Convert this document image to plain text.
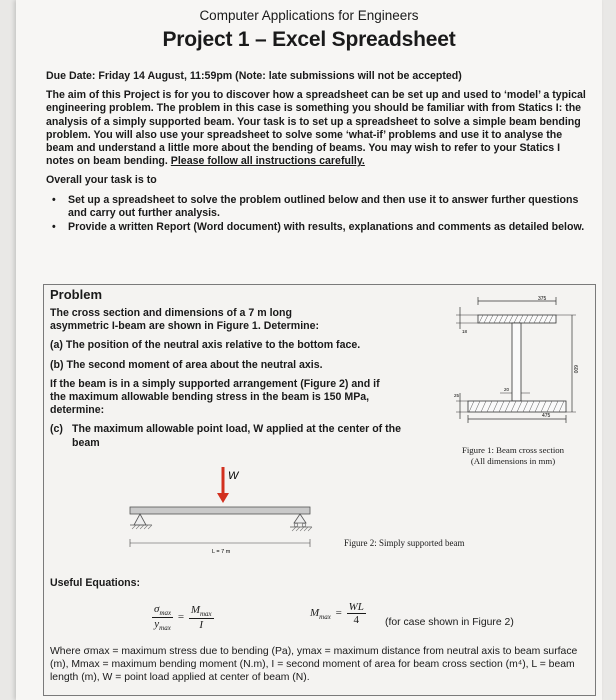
Computer Applications for Engineers
Project 1 – Excel Spreadsheet

Due Date: Friday 14 August, 11:59pm (Note: late submissions will not be accepted)

The aim of this Project is for you to discover how a spreadsheet can be set up and used to ‘model’ a typical engineering problem. The problem in this case is something you should be familiar with from Statics I: the analysis of a simply supported beam. Your task is to set up a spreadsheet to solve a simple beam bending problem. You will also use your spreadsheet to solve some ‘what-if’ problems and use it to analyse the beam and understand a little more about the bending of beams. You may wish to refer to your Statics I notes on beam bending. Please follow all instructions carefully.

Overall your task is to

• Set up a spreadsheet to solve the problem outlined below and then use it to answer further questions and carry out further analysis.
• Provide a written Report (Word document) with results, explanations and comments as detailed below.
Problem
The cross section and dimensions of a 7 m long asymmetric I-beam are shown in Figure 1. Determine:
(a) The position of the neutral axis relative to the bottom face.
(b) The second moment of area about the neutral axis.
If the beam is in a simply supported arrangement (Figure 2) and if the maximum allowable bending stress in the beam is 150 MPa, determine:
(c) The maximum allowable point load, W applied at the center of the beam
375
18
600
20
25
475
Figure 1: Beam cross section
(All dimensions in mm)
W
L = 7 m
Figure 2: Simply supported beam
Useful Equations:
$\frac{\sigma_{max}}{y_{max}} = \frac{M_{max}}{I}$	$M_{max} = \frac{WL}{4} (for$ case shown in Figure 2)
Where σmax = maximum stress due to bending (Pa), ymax = maximum distance from neutral axis to beam surface (m), Mmax = maximum bending moment (N.m), I = second moment of area for beam cross section (m⁴), L = beam length (m), W = point load applied at center of beam (N).
